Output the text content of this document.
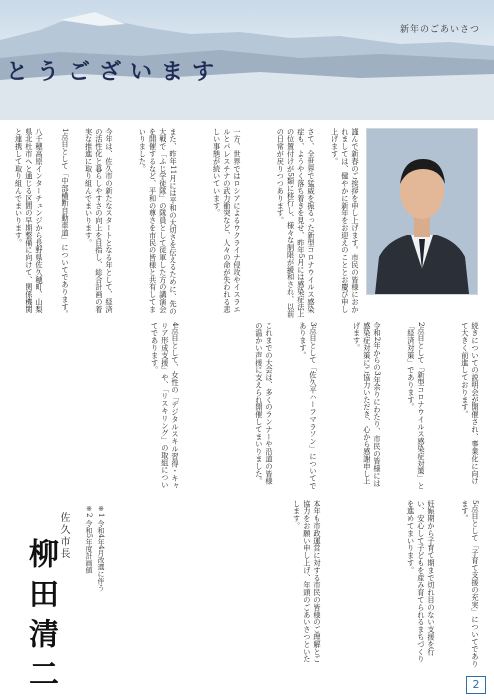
新年のごあいさつ
とうございます
謹んで新春のご挨拶を申し上げます。市民の皆様におかれましては、健やかに新年をお迎えのこととお慶び申し上げます。
さて、全世界で猛威を振るった新型コロナウイルス感染症も、ようやく落ち着きを見せ、昨年5月には感染症法上の位置付けが5類に移行し、様々な制限が緩和され、以前の日常が戻りつつあります。
一方、世界ではロシアによるウクライナ侵攻やイスラエルとパレスチナの武力衝突など、人々の命が失われる悲しい事態が続いています。
また、昨年11月には平和の大切さを伝えるために、先の大戦で「ふじ学徒隊」の隊員として従軍した方の講演会を開催するなど、平和の尊さを市民の皆様と共有してまいりました。
今年は、佐久市の新たなスタートとなる年として、経済の活性化と暮らしやすさの向上を目指し、総合計画の着実な推進に取り組んでまいります。
1点目として「中部横断自動車道」についてであります。
八千穂高原インターチェンジから長野県佐久穂町、山梨県北杜市へと通じる区間の早期整備に向けて、関係機関と連携して取り組んでまいります。
続きについての説明会が開催され、事業化に向けて大きく前進しております。
2点目として「新型コロナウイルス感染症対策」と「経済対策」であります。
令和2年からの3年余りにわたり、市民の皆様には感染症対策にご協力いただき、心から感謝申し上げます。
3点目として「佐久平ハーフマラソン」についてであります。
これまでの大会は、多くのランナーや沿道の皆様の温かい声援に支えられ開催してまいりました。
4点目として、女性の「デジタルスキル習得・キャリア形成支援」や、「リスキリング」の取組についてであります。
5点目として「子育て支援の充実」についてであります。
妊娠期から子育て期まで切れ目のない支援を行い、安心して子どもを産み育てられるまちづくりを進めてまいります。
本年も市政運営に対する市民の皆様のご理解とご協力をお願い申し上げ、年頭のごあいさつといたします。
※1 令和4年4月改選に伴う
※2 令和5年度計画値
佐久市長
柳田清二	2
